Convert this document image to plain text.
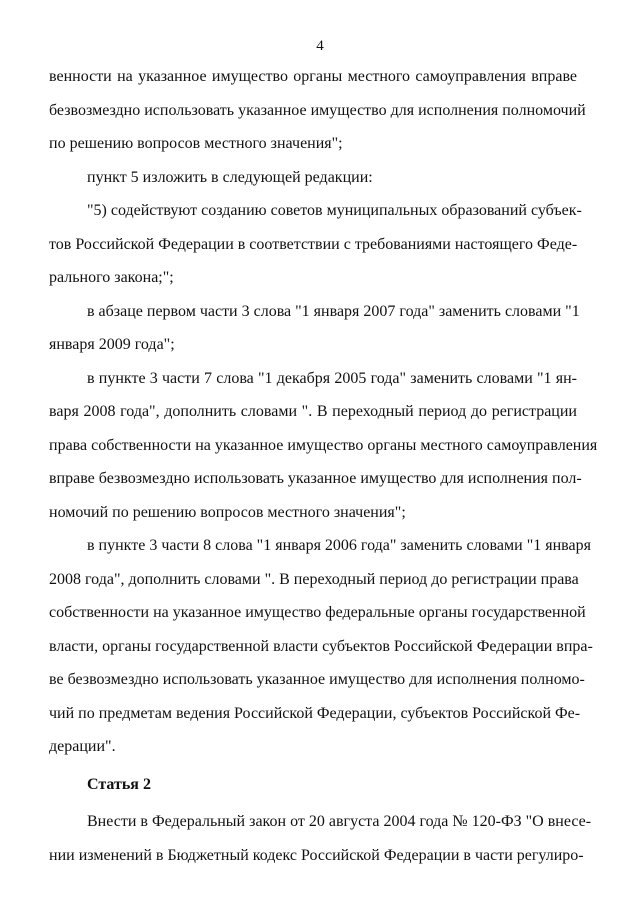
4
венности на указанное имущество органы местного самоуправления вправе
безвозмездно использовать указанное имущество для исполнения полномочий
по решению вопросов местного значения";
пункт 5 изложить в следующей редакции:
"5) содействуют созданию советов муниципальных образований субъек-
тов Российской Федерации в соответствии с требованиями настоящего Феде-
рального закона;";
в абзаце первом части 3 слова "1 января 2007 года" заменить словами "1
января 2009 года";
в пункте 3 части 7 слова "1 декабря 2005 года" заменить словами "1 ян-
варя 2008 года", дополнить словами ". В переходный период до регистрации
права собственности на указанное имущество органы местного самоуправления
вправе безвозмездно использовать указанное имущество для исполнения пол-
номочий по решению вопросов местного значения";
в пункте 3 части 8 слова "1 января 2006 года" заменить словами "1 января
2008 года", дополнить словами ". В переходный период до регистрации права
собственности на указанное имущество федеральные органы государственной
власти, органы государственной власти субъектов Российской Федерации впра-
ве безвозмездно использовать указанное имущество для исполнения полномо-
чий по предметам ведения Российской Федерации, субъектов Российской Фе-
дерации".
Статья 2
Внести в Федеральный закон от 20 августа 2004 года № 120-ФЗ "О внесе-
нии изменений в Бюджетный кодекс Российской Федерации в части регулиро-
